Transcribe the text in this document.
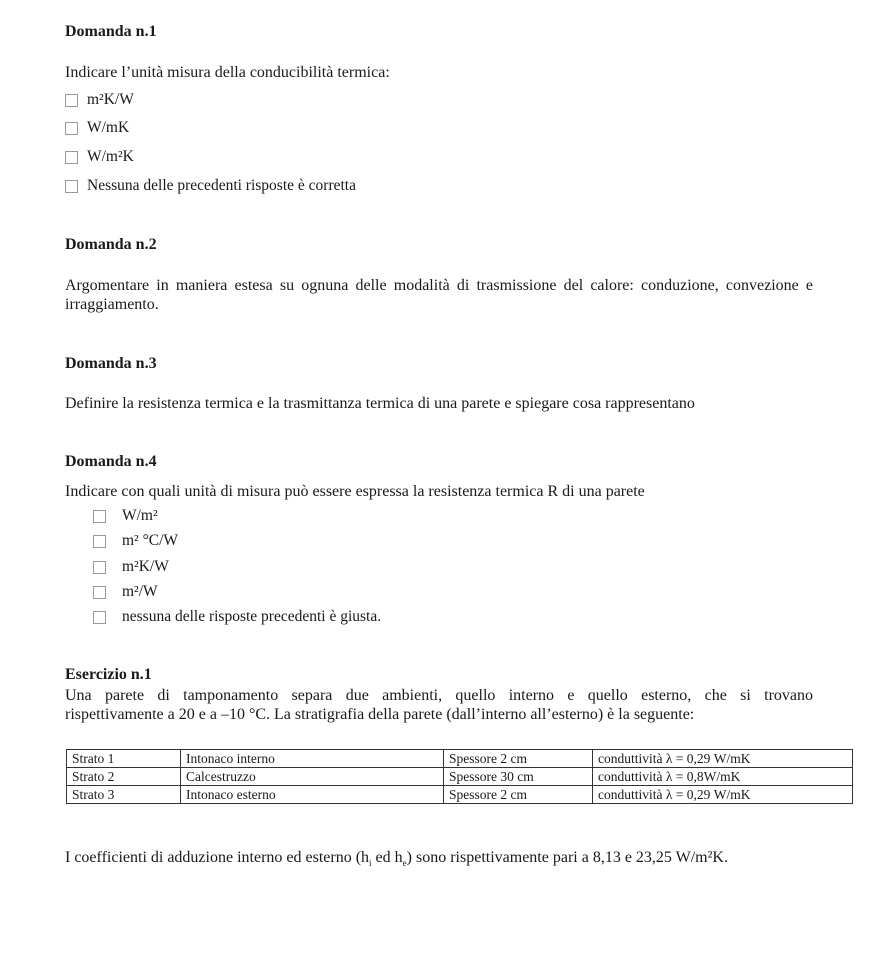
Domanda n.1
Indicare l’unità misura della conducibilità termica:
m²K/W
W/mK
W/m²K
Nessuna delle precedenti risposte è corretta
Domanda n.2
Argomentare in maniera estesa su ognuna delle modalità di trasmissione del calore: conduzione, convezione e
irraggiamento.
Domanda n.3
Definire la resistenza termica e la trasmittanza termica di una parete e spiegare cosa rappresentano
Domanda n.4
Indicare con quali unità di misura può essere espressa la resistenza termica R di una parete
W/m²
m² °C/W
m²K/W
m²/W
nessuna delle risposte precedenti è giusta.
Esercizio n.1
Una parete di tamponamento separa due ambienti, quello interno e quello esterno, che si trovano
rispettivamente a 20 e a –10 °C. La stratigrafia della parete (dall’interno all’esterno) è la seguente:
Strato 1	Intonaco interno	Spessore 2 cm	conduttività λ = 0,29 W/mK
Strato 2	Calcestruzzo	Spessore 30 cm	conduttività λ = 0,8W/mK
Strato 3	Intonaco esterno	Spessore 2 cm	conduttività λ = 0,29 W/mK
I coefficienti di adduzione interno ed esterno ($h_i$ ed $h_e$) sono rispettivamente pari a 8,13 e 23,25 W/m²K.
